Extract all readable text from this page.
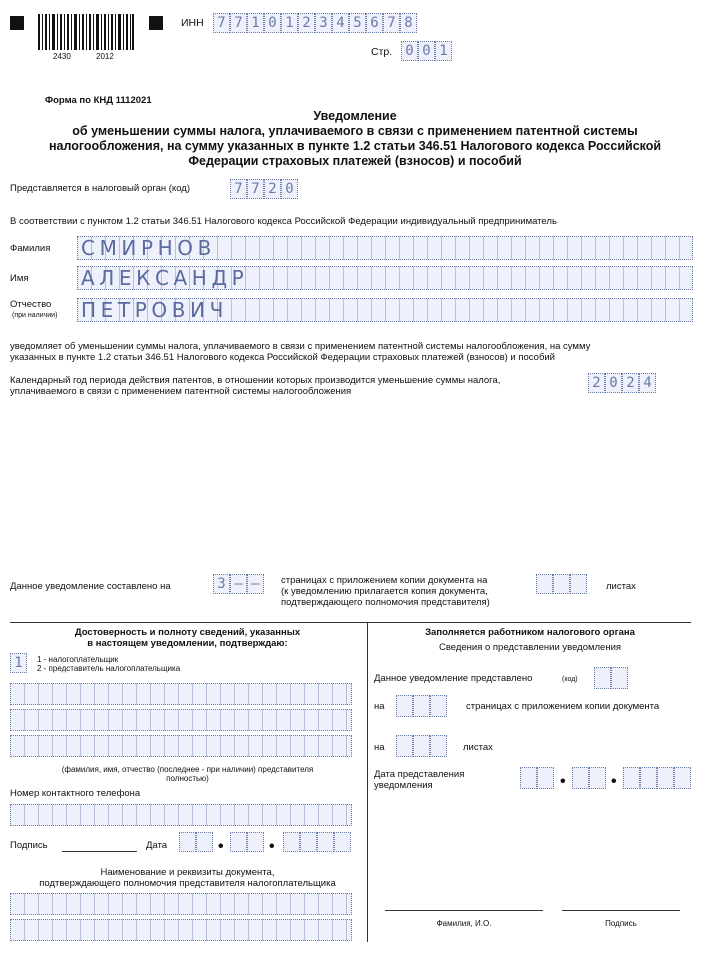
2430	2012
ИНН 7 7 1 0 1 2 3 4 5 6 7 8
Стр. 0 0 1
Форма по КНД 1112021
Уведомление
об уменьшении суммы налога, уплачиваемого в связи с применением патентной системы
налогообложения, на сумму указанных в пункте 1.2 статьи 346.51 Налогового кодекса Российской
Федерации страховых платежей (взносов) и пособий
Представляется в налоговый орган (код)	7 7 2 0
В соответствии с пунктом 1.2 статьи 346.51 Налогового кодекса Российской Федерации индивидуальный предприниматель
Фамилия СМИРНОВ
Имя	АЛЕКСАНДР
Отчество
(при наличии) ПЕТРОВИЧ
уведомляет об уменьшении суммы налога, уплачиваемого в связи с применением патентной системы налогообложения, на сумму
указанных в пункте 1.2 статьи 346.51 Налогового кодекса Российской Федерации страховых платежей (взносов) и пособий
Календарный год периода действия патентов, в отношении которых производится уменьшение суммы налога,
уплачиваемого в связи с применением патентной системы налогообложения
2 0 2 4
Данное уведомление составлено на	3 – –	страницах с приложением копии документа на
(к уведомлению прилагается копия документа,
подтверждающего полномочия представителя)
листах
Достоверность и полноту сведений, указанных
в настоящем уведомлении, подтверждаю:
1	1 - налогоплательщик
2 - представитель налогоплательщика
(фамилия, имя, отчество (последнее - при наличии) представителя
полностью)
Номер контактного телефона
Подпись	Дата	•	•
Наименование и реквизиты документа,
подтверждающего полномочия представителя налогоплательщика
Заполняется работником налогового органа
Сведения о представлении уведомления
Данное уведомление представлено	(код)
на	страницах с приложением копии документа
на	листах
Дата представления
уведомления	•	•
Фамилия, И.О.	Подпись
